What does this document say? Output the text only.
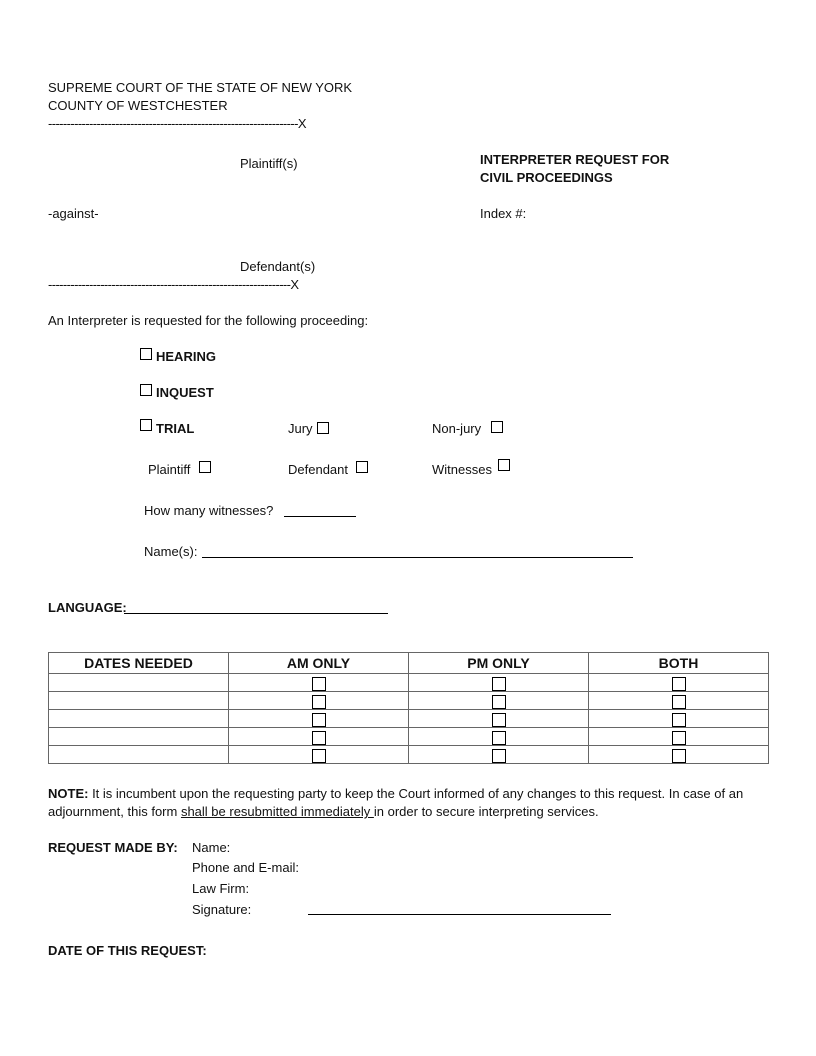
SUPREME COURT OF THE STATE OF NEW YORK
COUNTY OF WESTCHESTER
-------------------------------------------------------------------X
Plaintiff(s)	INTERPRETER REQUEST FOR
CIVIL PROCEEDINGS
-against-	Index #:
Defendant(s)
-----------------------------------------------------------------X
An Interpreter is requested for the following proceeding:
HEARING
INQUEST
TRIAL	Jury	Non-jury
Plaintiff	Defendant	Witnesses
How many witnesses?
Name(s):
LANGUAGE:
DATES NEEDED	AM ONLY	PM ONLY	BOTH

NOTE: It is incumbent upon the requesting party to keep the Court informed of any changes to this request. In case of an adjournment, this form shall be resubmitted immediately in order to secure interpreting services.
REQUEST MADE BY: Name:
Phone and E-mail:
Law Firm:
Signature:
DATE OF THIS REQUEST:
